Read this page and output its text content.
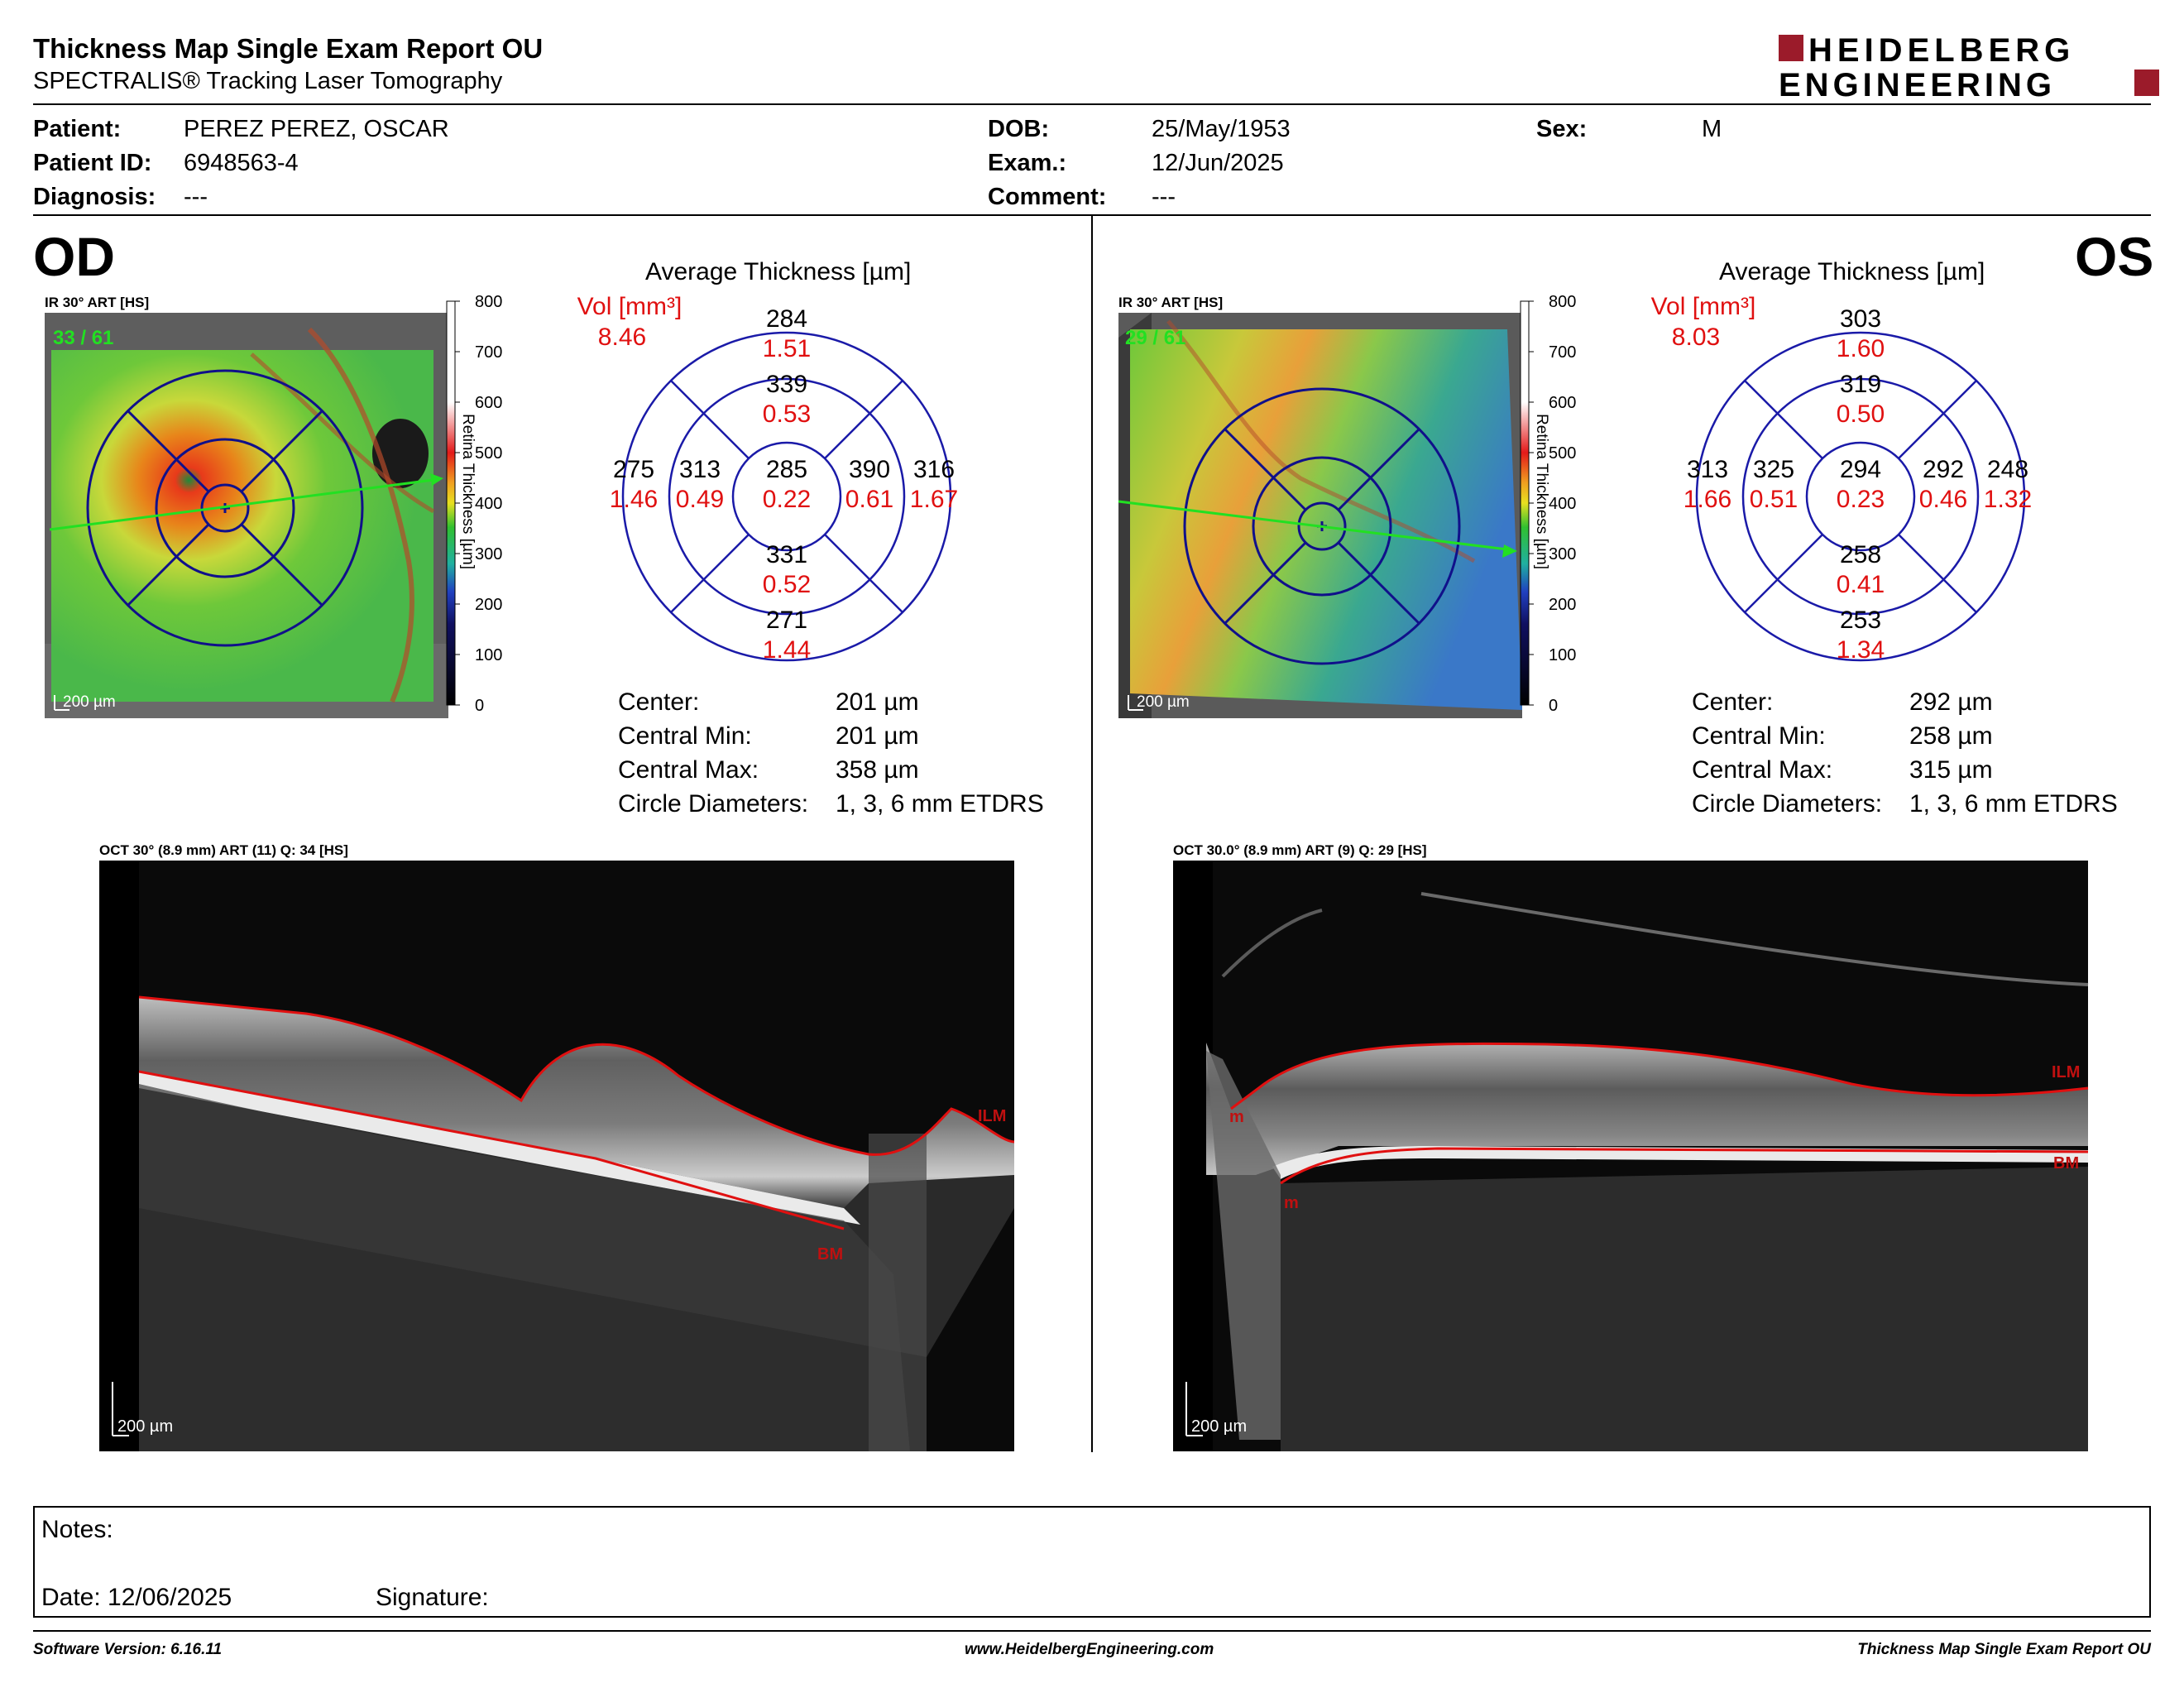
Thickness Map Single Exam Report OU
SPECTRALIS® Tracking Laser Tomography
HEIDELBERG
ENGINEERING
Patient:	PEREZ PEREZ, OSCAR
Patient ID: 6948563-4
Diagnosis: ---
DOB:	25/May/1953
Exam.:	12/Jun/2025
Comment: ---
Sex:	M
OD
IR 30° ART [HS]
33 / 61
200 µm
800
700
600
500
400
300
200
100
0
Retina Thickness [µm]
Average Thickness [µm]
Vol [mm³]
8.46
284
1.51
339
0.53
285
0.22
313
0.49
275
1.46
390
0.61
316
1.67
331
0.52
271
1.44
Center:	201 µm
Central Min:	201 µm
Central Max:	358 µm
Circle Diameters: 1, 3, 6 mm ETDRS
OCT 30° (8.9 mm) ART (11) Q: 34 [HS]
ILM
BM
200 µm
OS
IR 30° ART [HS]
29 / 61
200 µm
800
700
600
500
400
300
200
100
0
Retina Thickness [µm]
Average Thickness [µm]
Vol [mm³]
8.03
303
1.60
319
0.50
294
0.23
325
0.51
313
1.66
292
0.46
248
1.32
258
0.41
253
1.34
Center:	292 µm
Central Min:	258 µm
Central Max:	315 µm
Circle Diameters: 1, 3, 6 mm ETDRS
OCT 30.0° (8.9 mm) ART (9) Q: 29 [HS]
m
m
ILM
BM
200 µm
Notes:
Date: 12/06/2025	Signature:
Software Version: 6.16.11	www.HeidelbergEngineering.com	Thickness Map Single Exam Report OU
